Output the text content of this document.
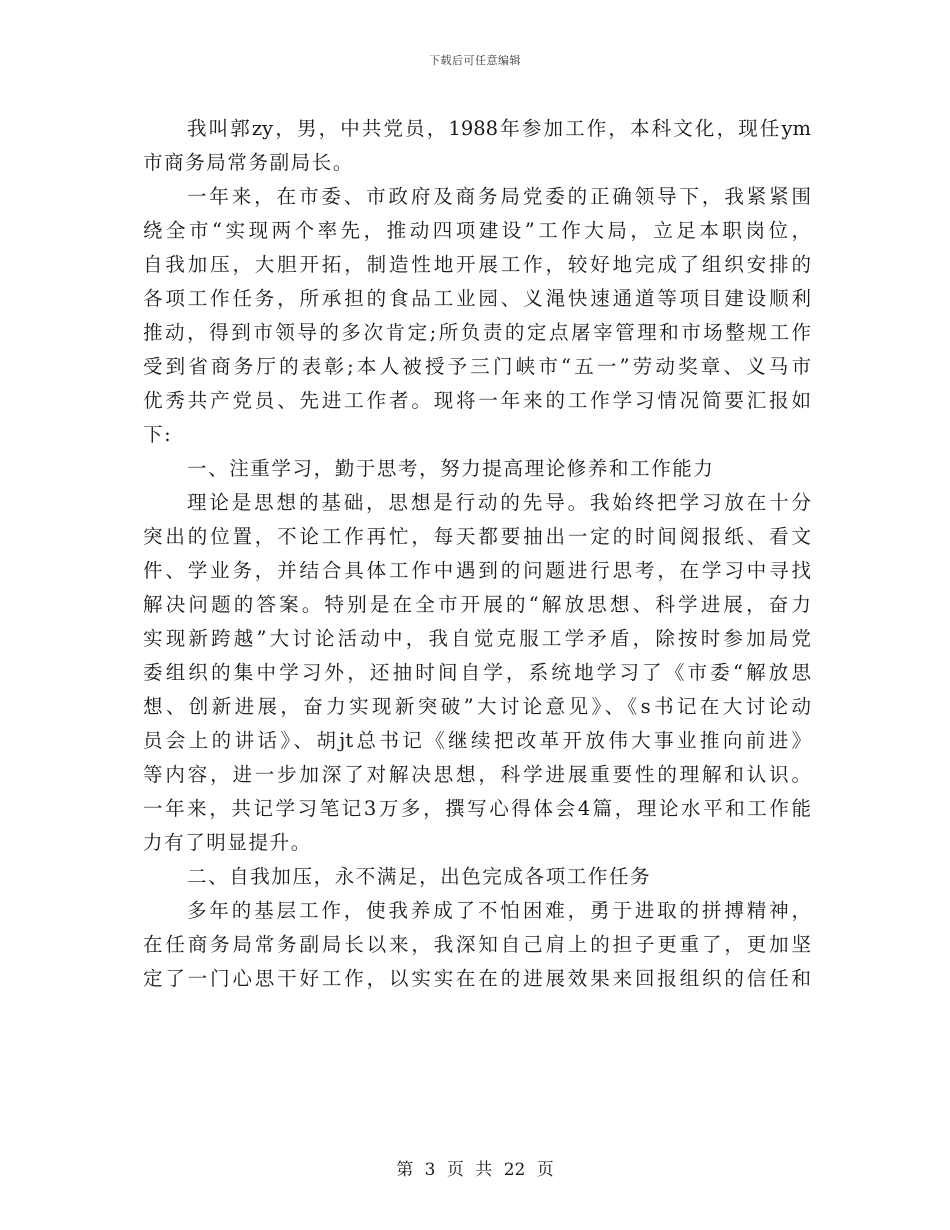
下载后可任意编辑
我叫郭zy，男，中共党员，1988年参加工作，本科文化，现任ym
市商务局常务副局长。
一年来，在市委、市政府及商务局党委的正确领导下，我紧紧围
绕全市“实现两个率先，推动四项建设”工作大局，立足本职岗位，
自我加压，大胆开拓，制造性地开展工作，较好地完成了组织安排的
各项工作任务，所承担的食品工业园、义渑快速通道等项目建设顺利
推动，得到市领导的多次肯定;所负责的定点屠宰管理和市场整规工作
受到省商务厅的表彰;本人被授予三门峡市“五一”劳动奖章、义马市
优秀共产党员、先进工作者。现将一年来的工作学习情况简要汇报如
下:
一、注重学习，勤于思考，努力提高理论修养和工作能力
理论是思想的基础，思想是行动的先导。我始终把学习放在十分
突出的位置，不论工作再忙，每天都要抽出一定的时间阅报纸、看文
件、学业务，并结合具体工作中遇到的问题进行思考，在学习中寻找
解决问题的答案。特别是在全市开展的“解放思想、科学进展，奋力
实现新跨越”大讨论活动中，我自觉克服工学矛盾，除按时参加局党
委组织的集中学习外，还抽时间自学，系统地学习了《市委“解放思
想、创新进展，奋力实现新突破”大讨论意见》、《s书记在大讨论动
员会上的讲话》、胡jt总书记《继续把改革开放伟大事业推向前进》
等内容，进一步加深了对解决思想，科学进展重要性的理解和认识。
一年来，共记学习笔记3万多，撰写心得体会4篇，理论水平和工作能
力有了明显提升。
二、自我加压，永不满足，出色完成各项工作任务
多年的基层工作，使我养成了不怕困难，勇于进取的拼搏精神，
在任商务局常务副局长以来，我深知自己肩上的担子更重了，更加坚
定了一门心思干好工作，以实实在在的进展效果来回报组织的信任和
第 3 页 共 22 页
